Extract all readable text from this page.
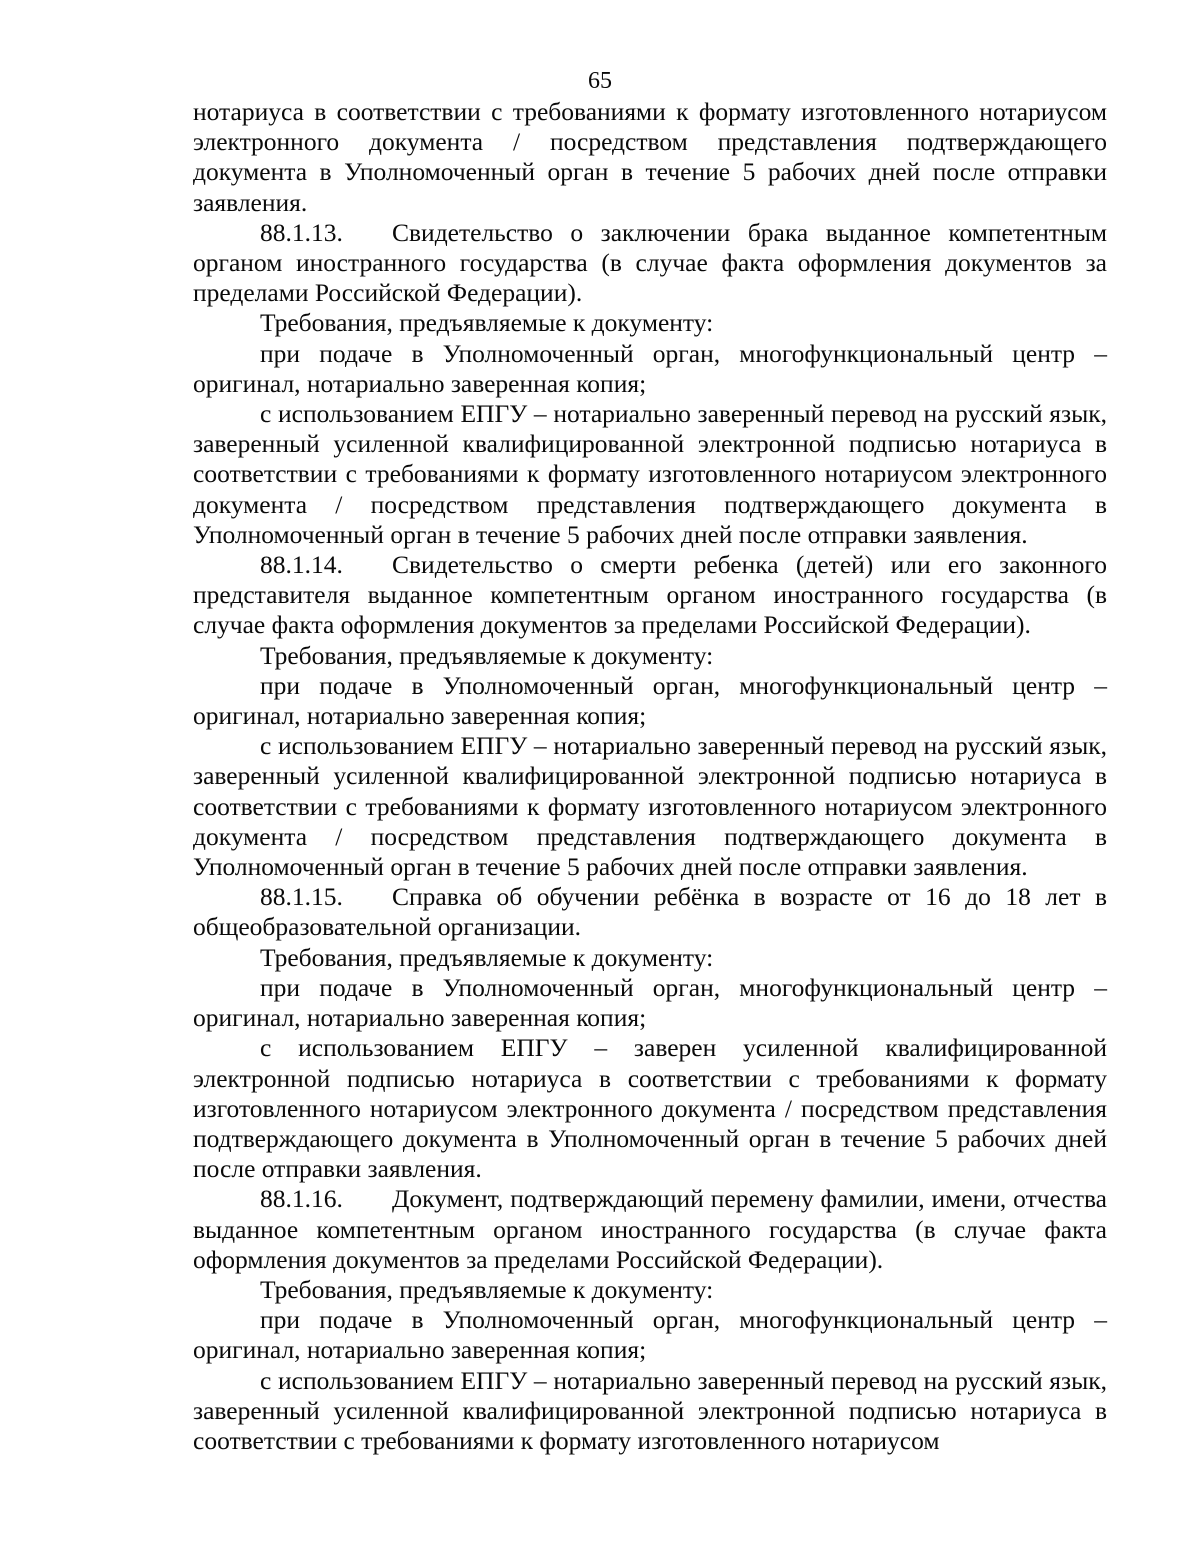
65

нотариуса в соответствии с требованиями к формату изготовленного нотариусом электронного документа / посредством представления подтверждающего документа в Уполномоченный орган в течение 5 рабочих дней после отправки заявления.

88.1.13. Свидетельство о заключении брака выданное компетентным органом иностранного государства (в случае факта оформления документов за пределами Российской Федерации).

Требования, предъявляемые к документу:

при подаче в Уполномоченный орган, многофункциональный центр – оригинал, нотариально заверенная копия;

с использованием ЕПГУ – нотариально заверенный перевод на русский язык, заверенный усиленной квалифицированной электронной подписью нотариуса в соответствии с требованиями к формату изготовленного нотариусом электронного документа / посредством представления подтверждающего документа в Уполномоченный орган в течение 5 рабочих дней после отправки заявления.

88.1.14. Свидетельство о смерти ребенка (детей) или его законного представителя выданное компетентным органом иностранного государства (в случае факта оформления документов за пределами Российской Федерации).

Требования, предъявляемые к документу:

при подаче в Уполномоченный орган, многофункциональный центр – оригинал, нотариально заверенная копия;

с использованием ЕПГУ – нотариально заверенный перевод на русский язык, заверенный усиленной квалифицированной электронной подписью нотариуса в соответствии с требованиями к формату изготовленного нотариусом электронного документа / посредством представления подтверждающего документа в Уполномоченный орган в течение 5 рабочих дней после отправки заявления.

88.1.15. Справка об обучении ребёнка в возрасте от 16 до 18 лет в общеобразовательной организации.

Требования, предъявляемые к документу:

при подаче в Уполномоченный орган, многофункциональный центр – оригинал, нотариально заверенная копия;

с использованием ЕПГУ – заверен усиленной квалифицированной электронной подписью нотариуса в соответствии с требованиями к формату изготовленного нотариусом электронного документа / посредством представления подтверждающего документа в Уполномоченный орган в течение 5 рабочих дней после отправки заявления.

88.1.16. Документ, подтверждающий перемену фамилии, имени, отчества выданное компетентным органом иностранного государства (в случае факта оформления документов за пределами Российской Федерации).

Требования, предъявляемые к документу:

при подаче в Уполномоченный орган, многофункциональный центр – оригинал, нотариально заверенная копия;

с использованием ЕПГУ – нотариально заверенный перевод на русский язык, заверенный усиленной квалифицированной электронной подписью нотариуса в соответствии с требованиями к формату изготовленного нотариусом
